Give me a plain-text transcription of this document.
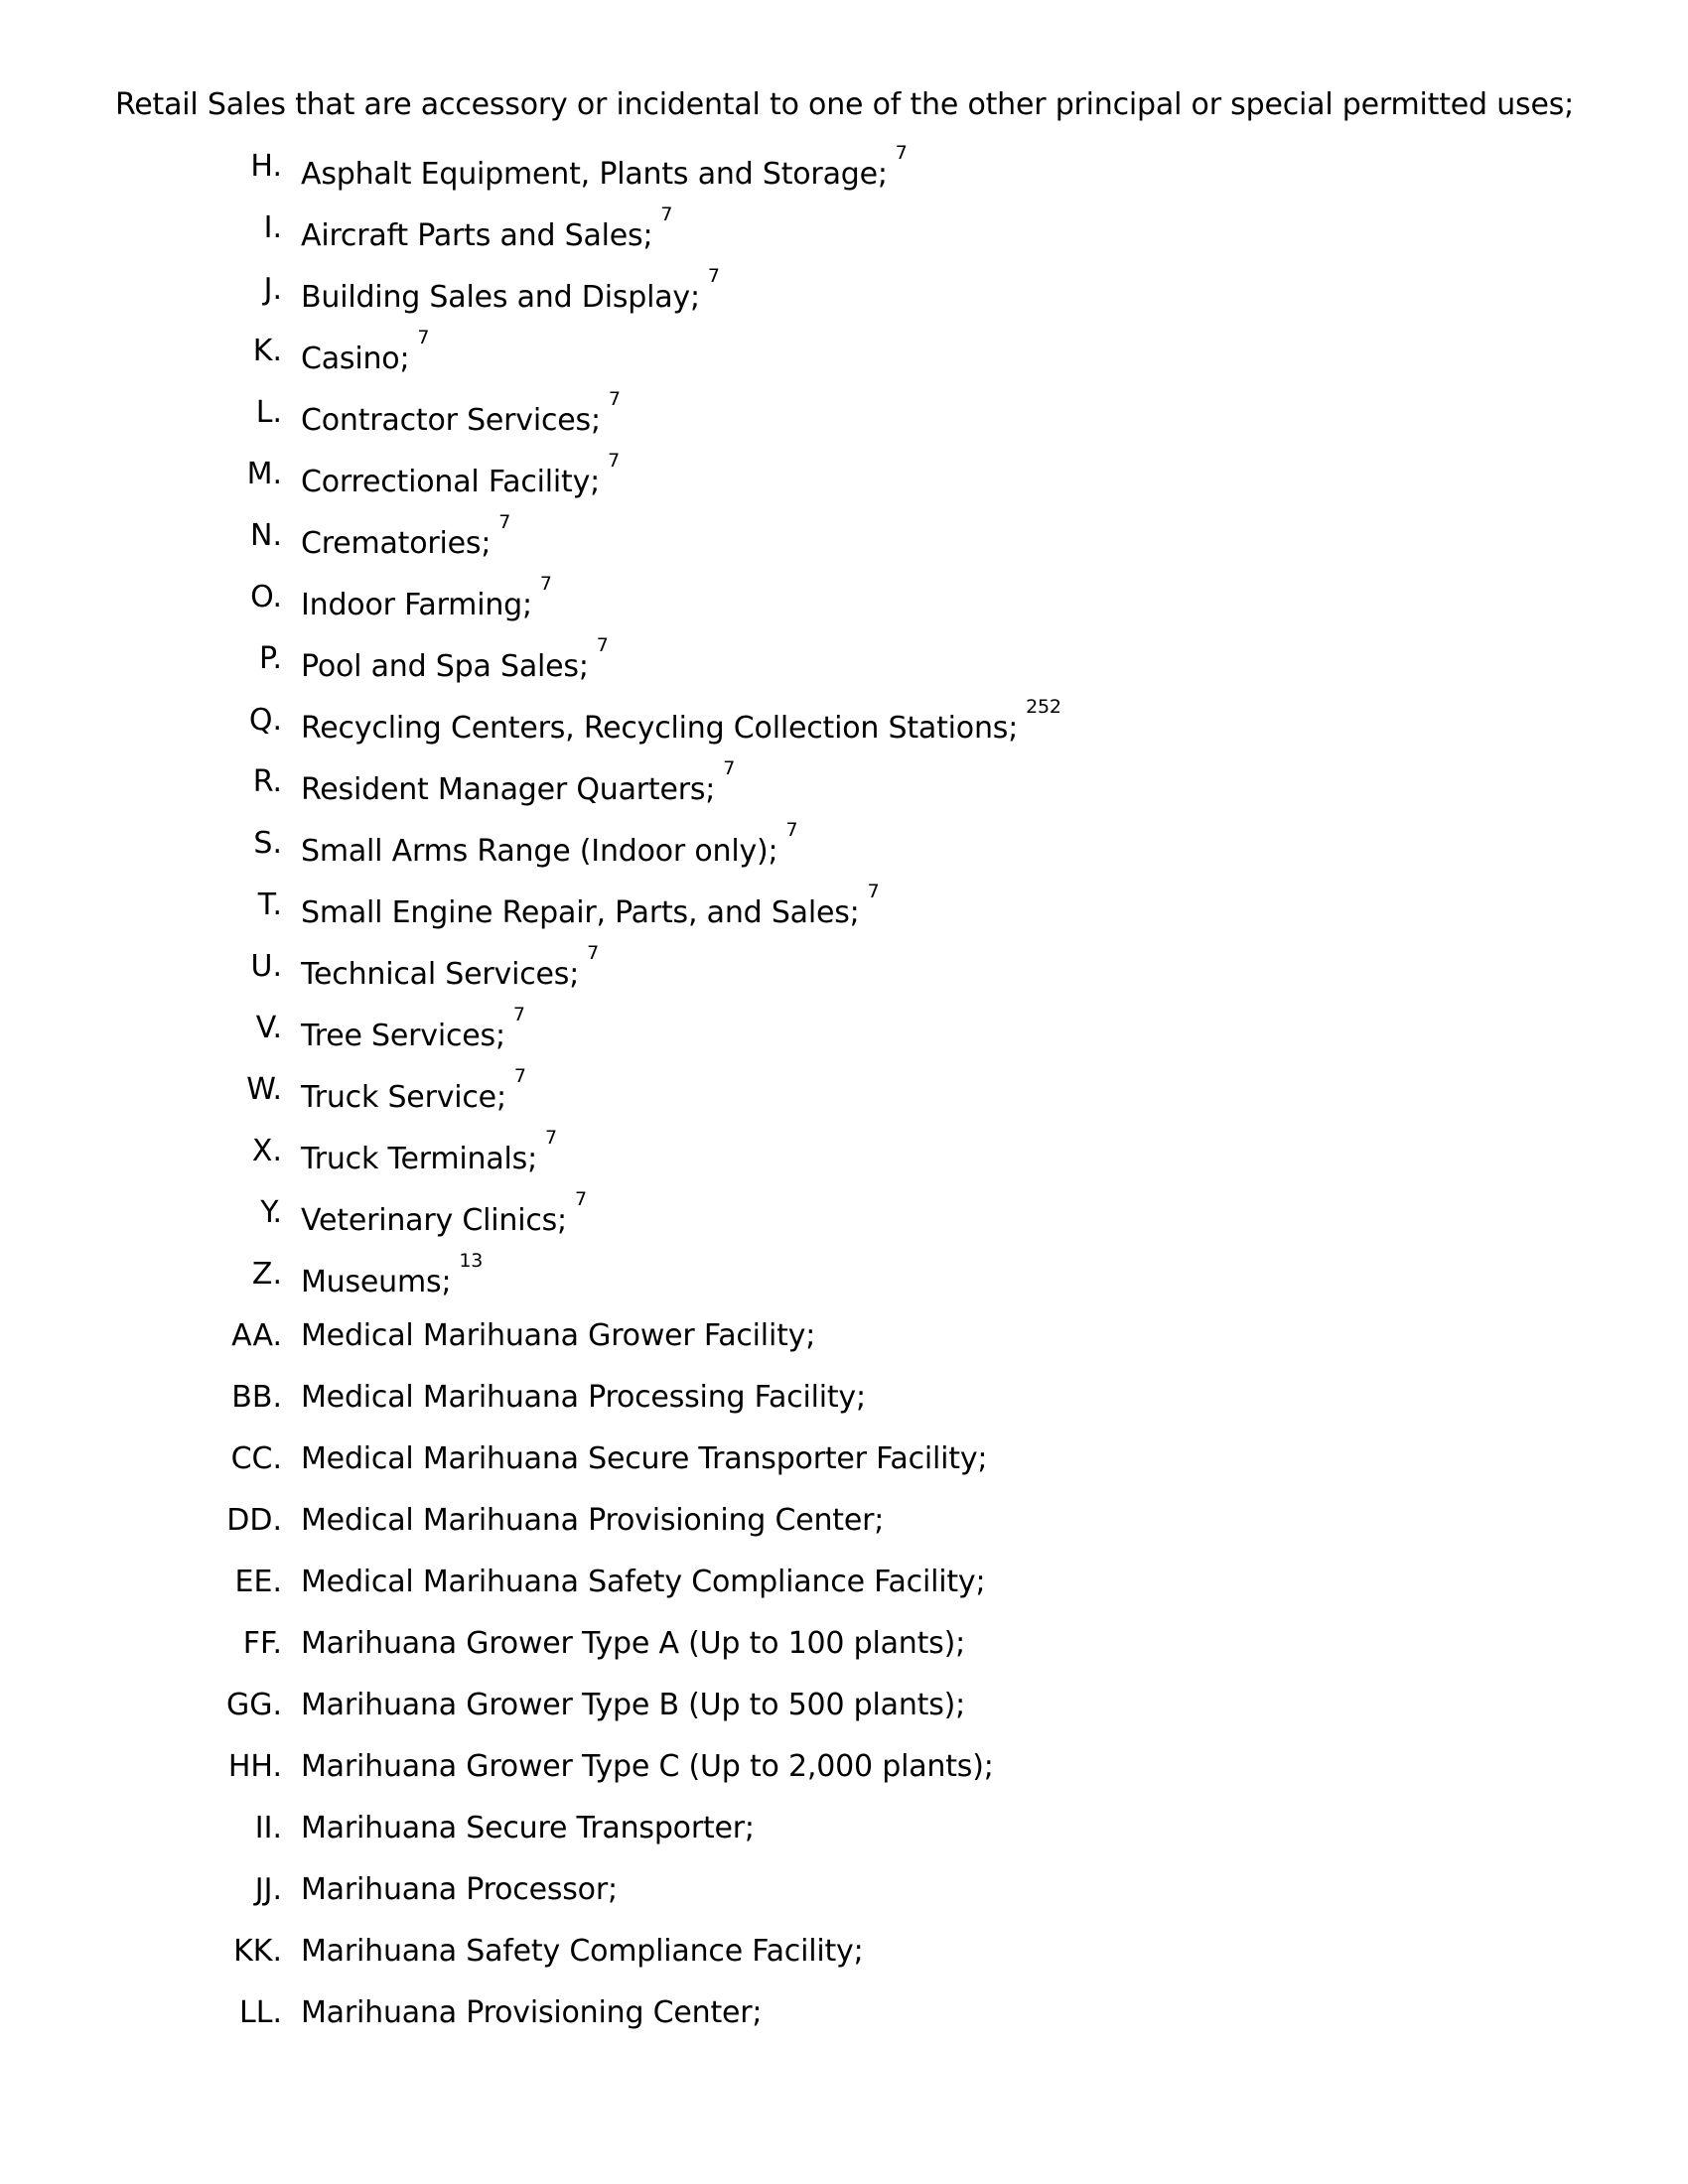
Retail Sales that are accessory or incidental to one of the other principal or special permitted uses;
H. Asphalt Equipment, Plants and Storage;$^7$
I. Aircraft Parts and Sales;$^7$
J. Building Sales and Display;$^7$
K. Casino;$^7$
L. Contractor Services;$^7$
M. Correctional Facility;$^7$
N. Crematories;$^7$
O. Indoor Farming;$^7$
P. Pool and Spa Sales;$^7$
Q. Recycling Centers, Recycling Collection Stations;$^{252}$
R. Resident Manager Quarters;$^7$
S. Small Arms Range (Indoor only);$^7$
T. Small Engine Repair, Parts, and Sales;$^7$
U. Technical Services;$^7$
V. Tree Services;$^7$
W. Truck Service;$^7$
X. Truck Terminals;$^7$
Y. Veterinary Clinics;$^7$
Z. Museums;$^{13}$
AA. Medical Marihuana Grower Facility;
BB. Medical Marihuana Processing Facility;
CC. Medical Marihuana Secure Transporter Facility;
DD. Medical Marihuana Provisioning Center;
EE. Medical Marihuana Safety Compliance Facility;
FF. Marihuana Grower Type A (Up to 100 plants);
GG. Marihuana Grower Type B (Up to 500 plants);
HH. Marihuana Grower Type C (Up to 2,000 plants);
II. Marihuana Secure Transporter;
JJ. Marihuana Processor;
KK. Marihuana Safety Compliance Facility;
LL. Marihuana Provisioning Center;
